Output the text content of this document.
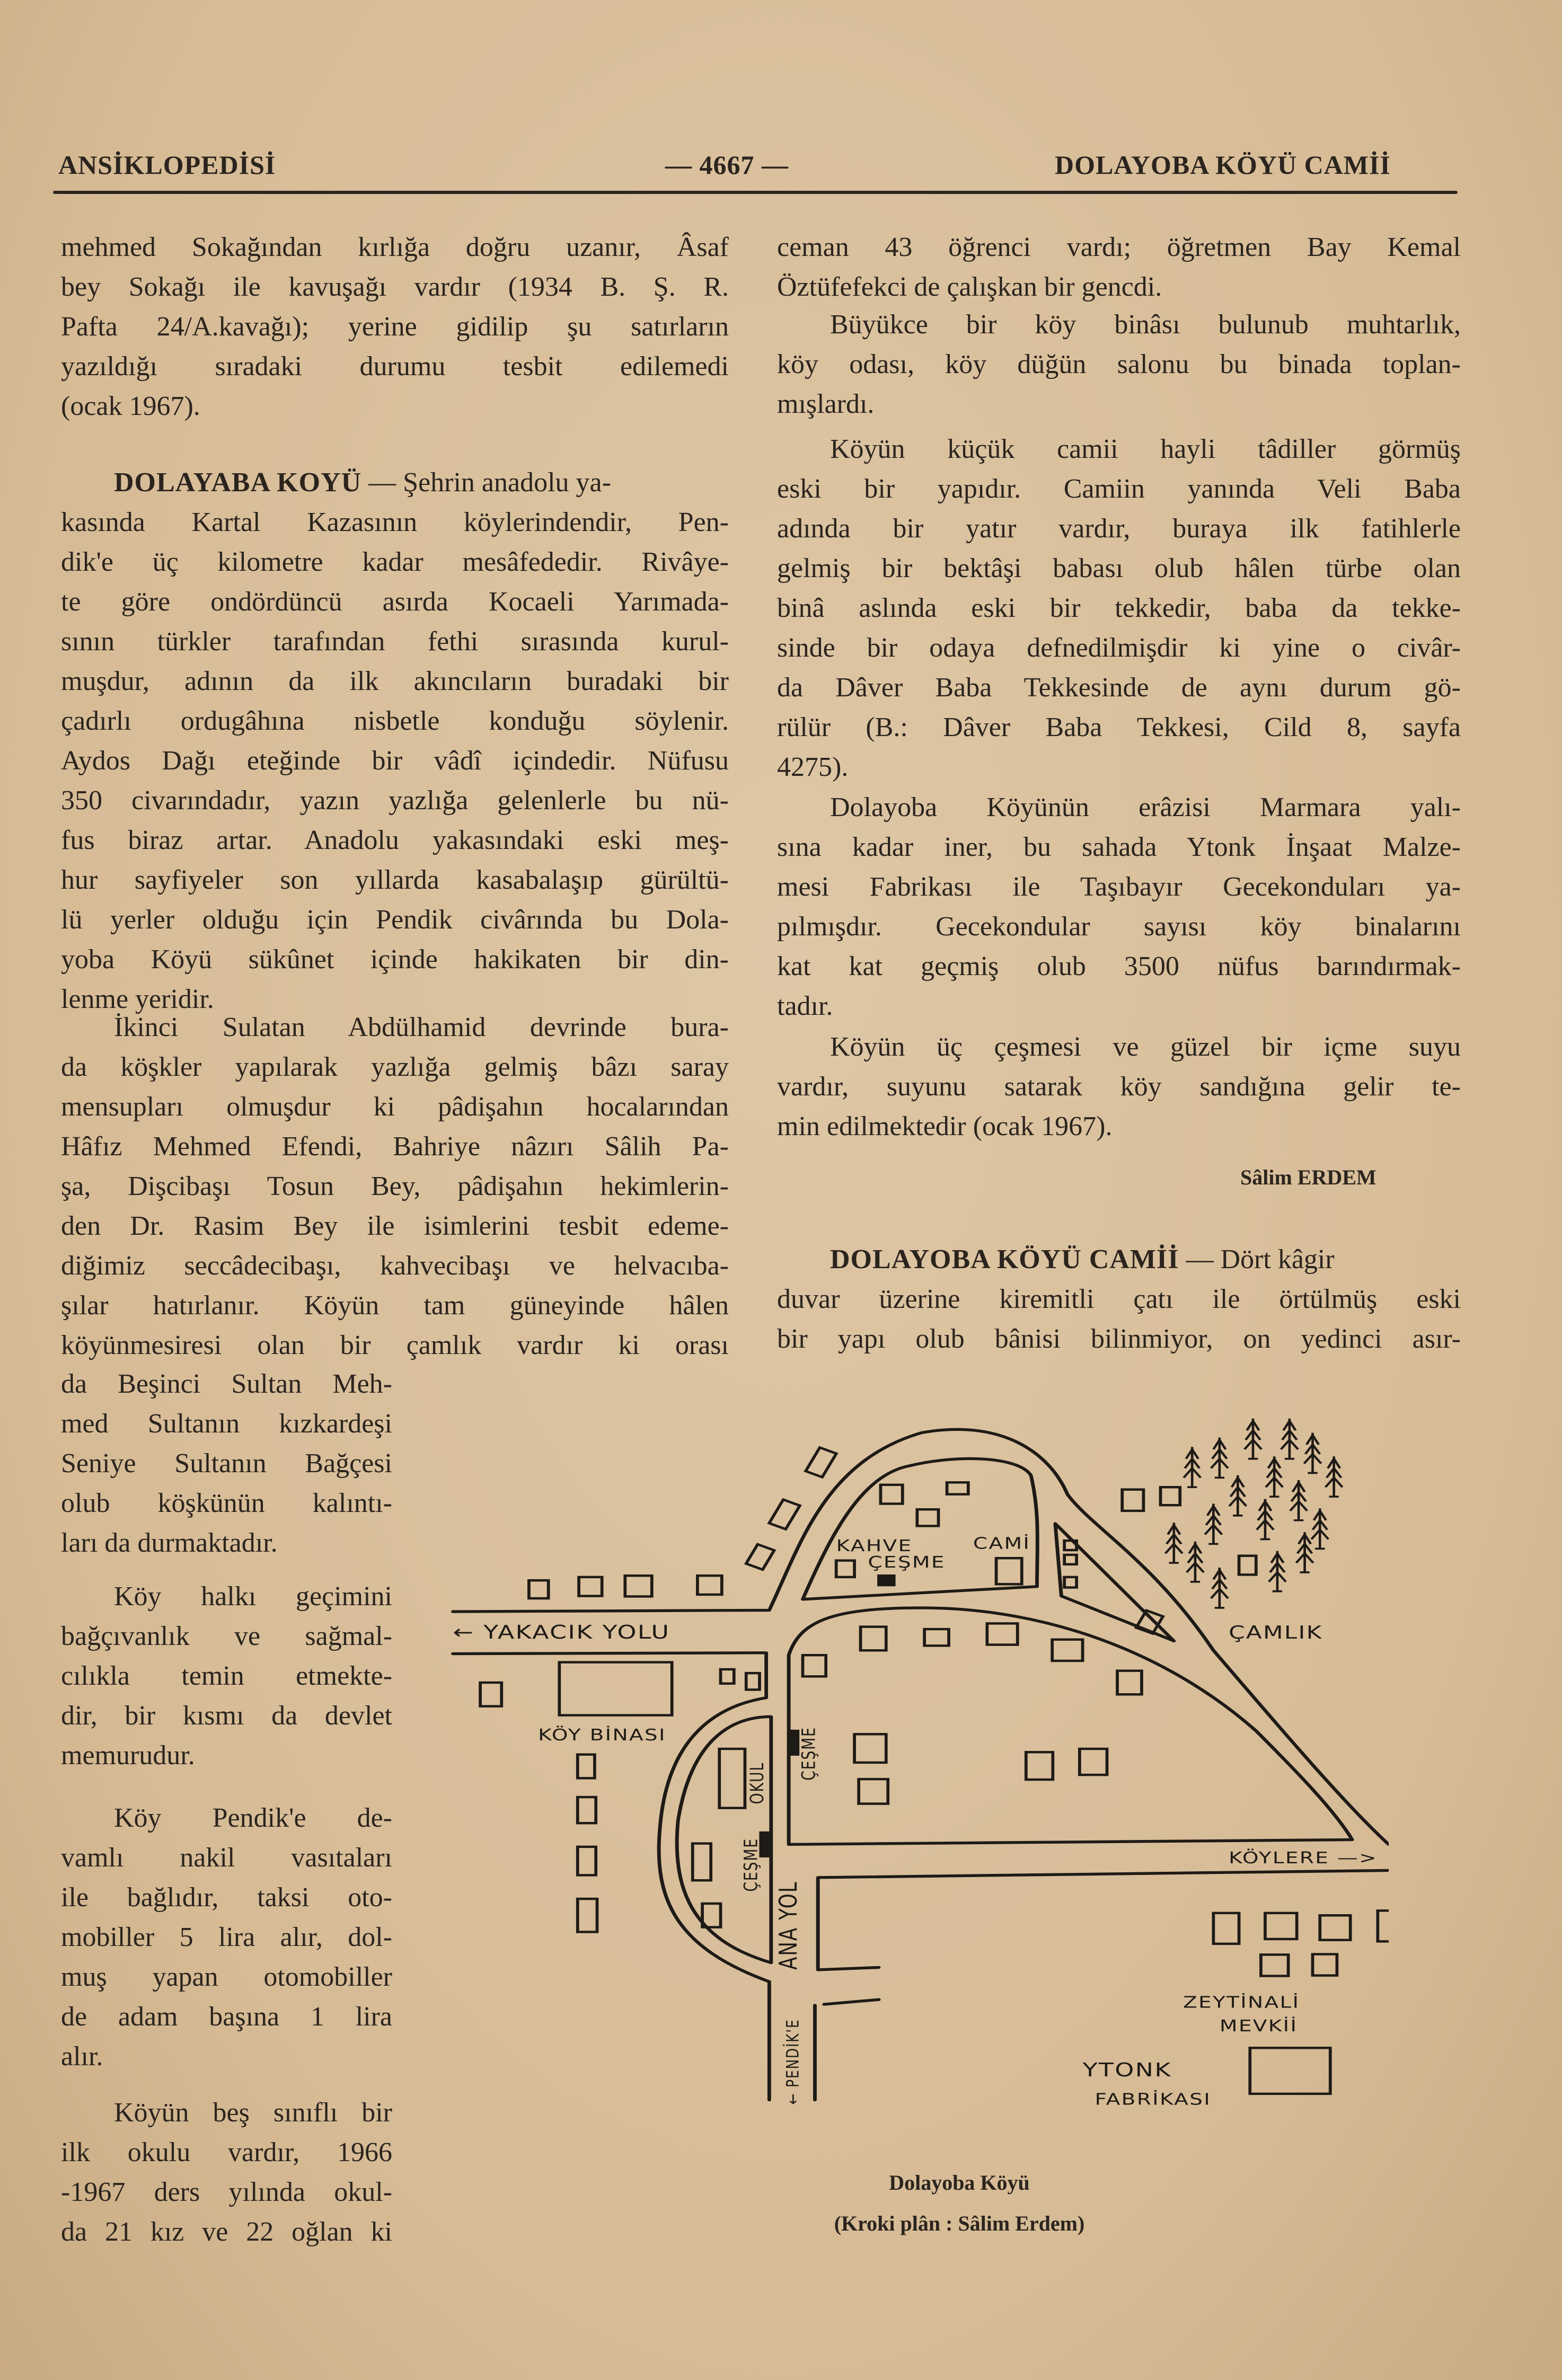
ANSİKLOPEDİSİ	— 4667 —	DOLAYOBA KÖYÜ CAMİİ
mehmed Sokağından kırlığa doğru uzanır, Âsaf
bey Sokağı ile kavuşağı vardır (1934 B. Ş. R.
Pafta 24/A.kavağı); yerine gidilip şu satırların
yazıldığı sıradaki durumu tesbit edilemedi
(ocak 1967).
DOLAYABA KOYÜ — Şehrin anadolu ya-
kasında Kartal Kazasının köylerindendir, Pen-
dik'e üç kilometre kadar mesâfededir. Rivâye-
te göre ondördüncü asırda Kocaeli Yarımada-
sının türkler tarafından fethi sırasında kurul-
muşdur, adının da ilk akıncıların buradaki bir
çadırlı ordugâhına nisbetle konduğu söylenir.
Aydos Dağı eteğinde bir vâdî içindedir. Nüfusu
350 civarındadır, yazın yazlığa gelenlerle bu nü-
fus biraz artar. Anadolu yakasındaki eski meş-
hur sayfiyeler son yıllarda kasabalaşıp gürültü-
lü yerler olduğu için Pendik civârında bu Dola-
yoba Köyü sükûnet içinde hakikaten bir din-
lenme yeridir.
İkinci Sulatan Abdülhamid devrinde bura-
da köşkler yapılarak yazlığa gelmiş bâzı saray
mensupları olmuşdur ki pâdişahın hocalarından
Hâfız Mehmed Efendi, Bahriye nâzırı Sâlih Pa-
şa, Dişcibaşı Tosun Bey, pâdişahın hekimlerin-
den Dr. Rasim Bey ile isimlerini tesbit edeme-
diğimiz seccâdecibaşı, kahvecibaşı ve helvacıba-
şılar hatırlanır. Köyün tam güneyinde hâlen
köyünmesiresi olan bir çamlık vardır ki orası
da Beşinci Sultan Meh-
med Sultanın kızkardeşi
Seniye Sultanın Bağçesi
olub köşkünün kalıntı-
ları da durmaktadır.
Köy halkı geçimini
bağçıvanlık ve sağmal-
cılıkla temin etmekte-
dir, bir kısmı da devlet
memurudur.
Köy Pendik'e de-
vamlı nakil vasıtaları
ile bağlıdır, taksi oto-
mobiller 5 lira alır, dol-
muş yapan otomobiller
de adam başına 1 lira
alır.
Köyün beş sınıflı bir
ilk okulu vardır, 1966
-1967 ders yılında okul-
da 21 kız ve 22 oğlan ki
ceman 43 öğrenci vardı; öğretmen Bay Kemal
Öztüfefekci de çalışkan bir gencdi.
Büyükce bir köy binâsı bulunub muhtarlık,
köy odası, köy düğün salonu bu binada toplan-
mışlardı.
Köyün küçük camii hayli tâdiller görmüş
eski bir yapıdır. Camiin yanında Veli Baba
adında bir yatır vardır, buraya ilk fatihlerle
gelmiş bir bektâşi babası olub hâlen türbe olan
binâ aslında eski bir tekkedir, baba da tekke-
sinde bir odaya defnedilmişdir ki yine o civâr-
da Dâver Baba Tekkesinde de aynı durum gö-
rülür (B.: Dâver Baba Tekkesi, Cild 8, sayfa
4275).
Dolayoba Köyünün erâzisi Marmara yalı-
sına kadar iner, bu sahada Ytonk İnşaat Malze-
mesi Fabrikası ile Taşıbayır Gecekonduları ya-
pılmışdır. Gecekondular sayısı köy binalarını
kat kat geçmiş olub 3500 nüfus barındırmak-
tadır.
Köyün üç çeşmesi ve güzel bir içme suyu
vardır, suyunu satarak köy sandığına gelir te-
min edilmektedir (ocak 1967).
Sâlim ERDEM
DOLAYOBA KÖYÜ CAMİİ — Dört kâgir
duvar üzerine kiremitli çatı ile örtülmüş eski
bir yapı olub bânisi bilinmiyor, on yedinci asır-
← YAKACIK YOLU
KÖY BİNASI
KAHVE
ÇEŞME
CAMİ
ÇAMLIK
OKUL
ÇEŞME
ÇEŞME
ANA YOL
← PENDİK'E
KÖYLERE —>
ZEYTİNALİ
MEVKİİ
YTONK
FABRİKASI
Dolayoba Köyü
(Kroki plân : Sâlim Erdem)
